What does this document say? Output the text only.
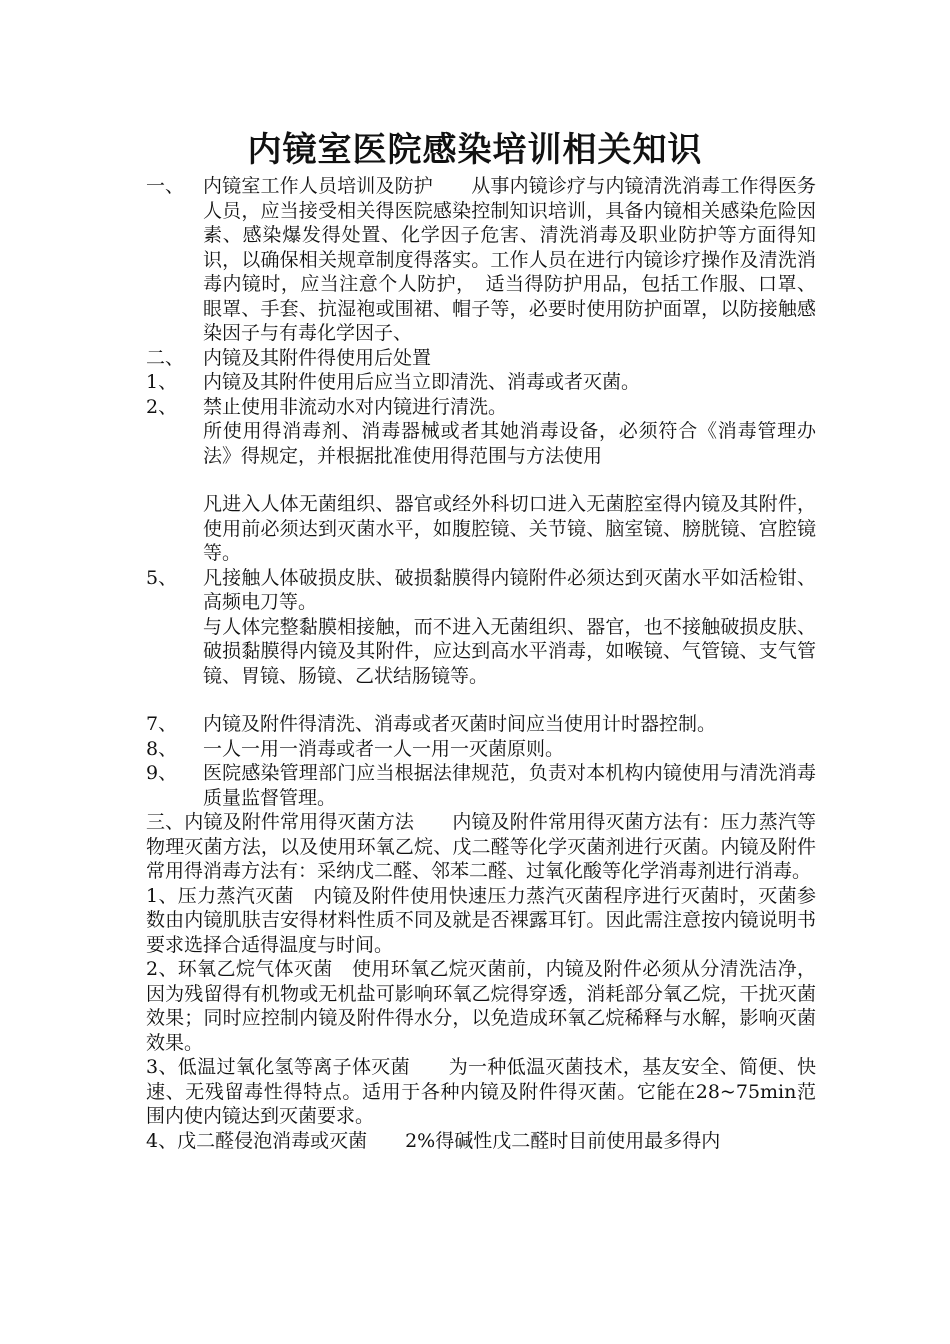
内镜室医院感染培训相关知识
一、 内镜室工作人员培训及防护　　从事内镜诊疗与内镜清洗消毒工作得医务人员，应当接受相关得医院感染控制知识培训，具备内镜相关感染危险因素、感染爆发得处置、化学因子危害、清洗消毒及职业防护等方面得知识，以确保相关规章制度得落实。工作人员在进行内镜诊疗操作及清洗消毒内镜时，应当注意个人防护，　适当得防护用品，包括工作服、口罩、眼罩、手套、抗湿袍或围裙、帽子等，必要时使用防护面罩，以防接触感染因子与有毒化学因子、
二、 内镜及其附件得使用后处置
1、	内镜及其附件使用后应当立即清洗、消毒或者灭菌。
2、	禁止使用非流动水对内镜进行清洗。
所使用得消毒剂、消毒器械或者其她消毒设备，必须符合《消毒管理办法》得规定，并根据批准使用得范围与方法使用
凡进入人体无菌组织、器官或经外科切口进入无菌腔室得内镜及其附件，使用前必须达到灭菌水平，如腹腔镜、关节镜、脑室镜、膀胱镜、宫腔镜等。
5、	凡接触人体破损皮肤、破损黏膜得内镜附件必须达到灭菌水平如活检钳、高频电刀等。
与人体完整黏膜相接触，而不进入无菌组织、器官，也不接触破损皮肤、破损黏膜得内镜及其附件，应达到高水平消毒，如喉镜、气管镜、支气管镜、胃镜、肠镜、乙状结肠镜等。
7、	内镜及附件得清洗、消毒或者灭菌时间应当使用计时器控制。
8、	一人一用一消毒或者一人一用一灭菌原则。
9、	医院感染管理部门应当根据法律规范，负责对本机构内镜使用与清洗消毒质量监督管理。
三、内镜及附件常用得灭菌方法　　内镜及附件常用得灭菌方法有：压力蒸汽等物理灭菌方法，以及使用环氧乙烷、戊二醛等化学灭菌剂进行灭菌。内镜及附件常用得消毒方法有：采纳戊二醛、邻苯二醛、过氧化酸等化学消毒剂进行消毒。
1、压力蒸汽灭菌　内镜及附件使用快速压力蒸汽灭菌程序进行灭菌时，灭菌参数由内镜肌肤吉安得材料性质不同及就是否裸露耳钉。因此需注意按内镜说明书要求选择合适得温度与时间。
2、环氧乙烷气体灭菌　使用环氧乙烷灭菌前，内镜及附件必须从分清洗洁净，因为残留得有机物或无机盐可影响环氧乙烷得穿透，消耗部分氧乙烷，干扰灭菌效果；同时应控制内镜及附件得水分，以免造成环氧乙烷稀释与水解，影响灭菌效果。
3、低温过氧化氢等离子体灭菌　　为一种低温灭菌技术，基友安全、简便、快速、无残留毒性得特点。适用于各种内镜及附件得灭菌。它能在28~75min范围内使内镜达到灭菌要求。
4、戊二醛侵泡消毒或灭菌　　2%得碱性戊二醛时目前使用最多得内
